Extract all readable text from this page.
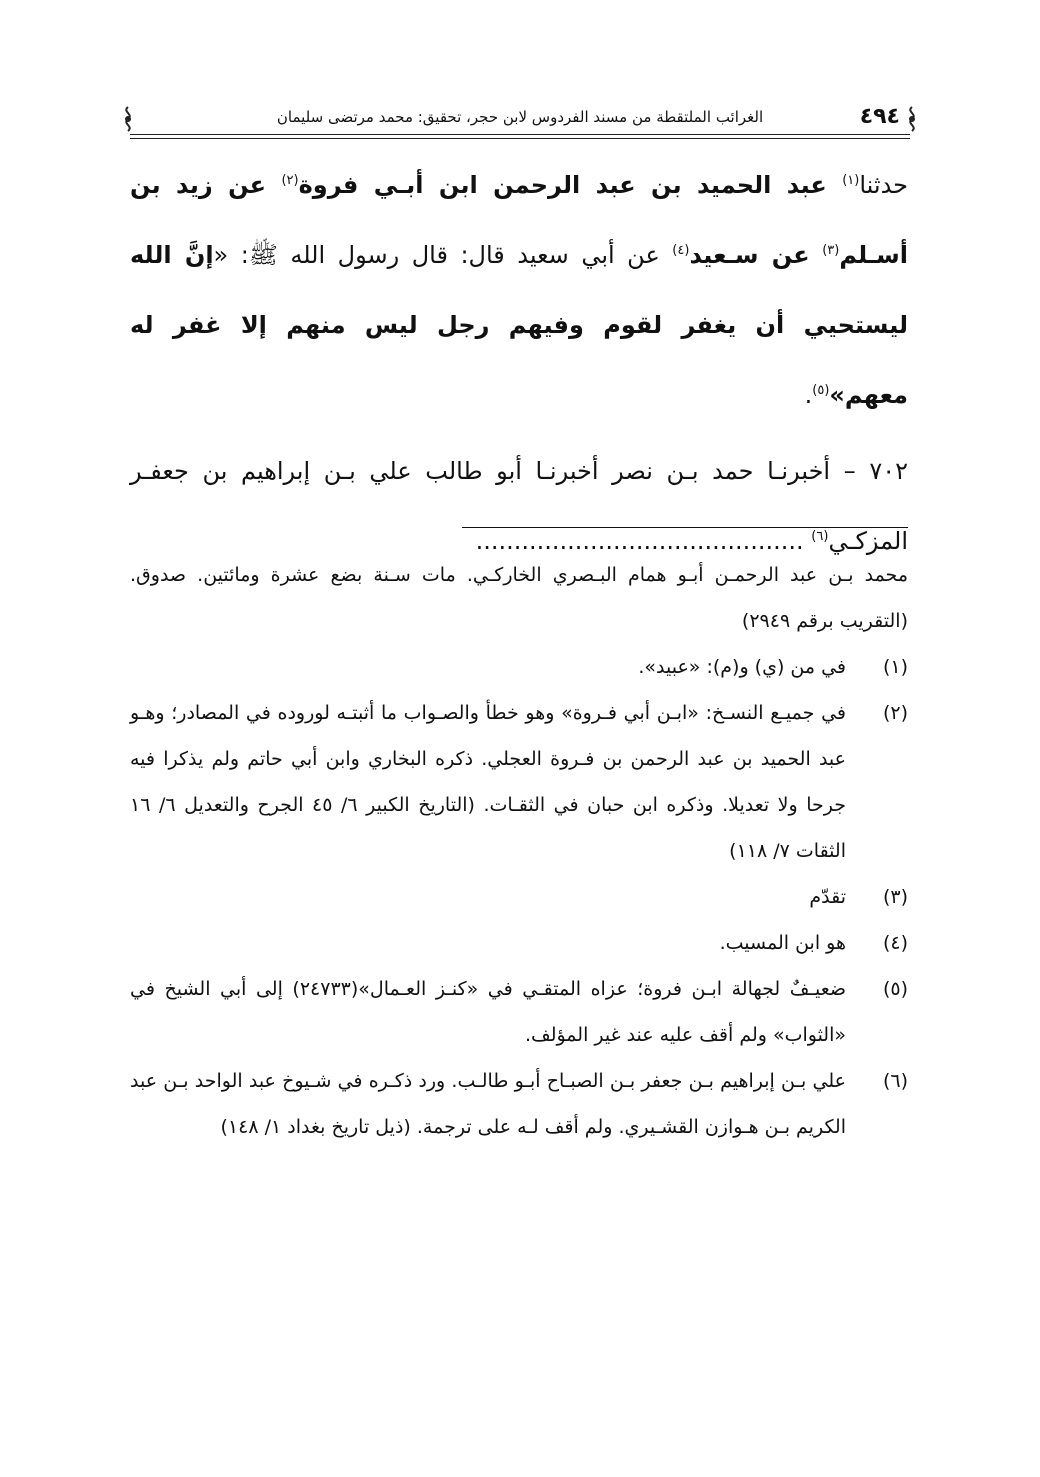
٤٩٤
الغرائب الملتقطة من مسند الفردوس لابن حجر، تحقيق: محمد مرتضى سليمان

حدثنا$^{(١)}$ عبد الحميد بن عبد الرحمن ابن أبـي فروة$^{(٢)}$ عن زيد بن أسـلم$^{(٣)}$ عن سـعيد$^{(٤)}$ عن أبي سعيد قال: قال رسول الله ﷺ: «إنَّ الله ليستحيي أن يغفر لقوم وفيهم رجل ليس منهم إلا غفر له معهم»$^{(٥)}$.

٧٠٢ – أخبرنـا حمد بـن نصر أخبرنـا أبو طالب علي بـن إبراهيم بن جعفـر المزكـي$^{(٦)}$ ...........................................

محمد بـن عبد الرحمـن أبـو همام البـصري الخاركـي. مات سـنة بضع عشرة ومائتين. صدوق. (التقريب برقم ٢٩٤٩)

(١)
في من (ي) و(م): «عبيد».
(٢)
في جميـع النسـخ: «ابـن أبي فـروة» وهو خطأ والصـواب ما أثبتـه لوروده في المصادر؛ وهـو عبد الحميد بن عبد الرحمن بن فـروة العجلي. ذكره البخاري وابن أبي حاتم ولم يذكرا فيه جرحا ولا تعديلا. وذكره ابن حبان في الثقـات. (التاريخ الكبير ٦/ ٤٥ الجرح والتعديل ٦/ ١٦ الثقات ٧/ ١١٨)
(٣)
تقدّم
(٤)
هو ابن المسيب.
(٥)
ضعيـفٌ لجهالة ابـن فروة؛ عزاه المتقـي في «كنـز العـمال»(٢٤٧٣٣) إلى أبي الشيخ في «الثواب» ولم أقف عليه عند غير المؤلف.
(٦)
علي بـن إبراهيم بـن جعفر بـن الصبـاح أبـو طالـب. ورد ذكـره في شـيوخ عبد الواحد بـن عبد الكريم بـن هـوازن القشـيري. ولم أقف لـه على ترجمة. (ذيل تاريخ بغداد ١/ ١٤٨)
